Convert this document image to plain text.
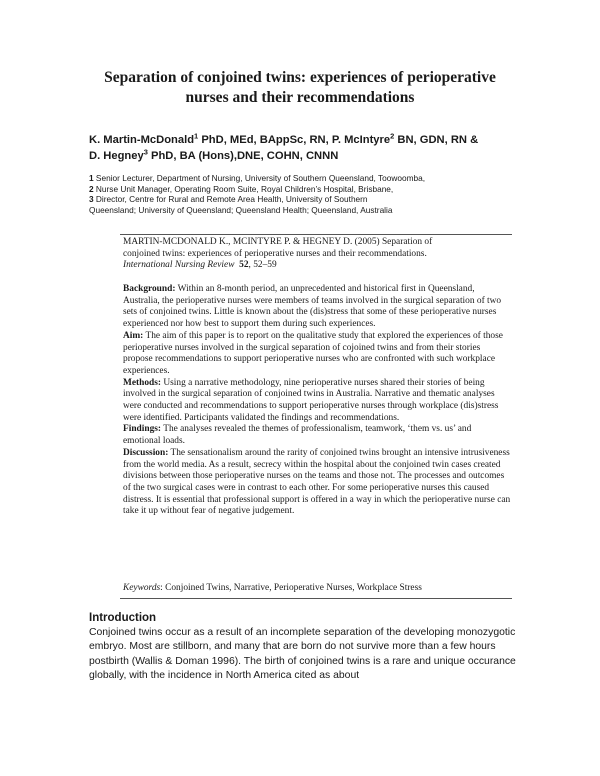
Separation of conjoined twins: experiences of perioperative
nurses and their recommendations
K. Martin-McDonald$^1$ PhD, MEd, BAppSc, RN, P. McIntyre$^2$ BN, GDN, RN &
D. Hegney$^3$ PhD, BA (Hons),DNE, COHN, CNNN
1 Senior Lecturer, Department of Nursing, University of Southern Queensland, Toowoomba,
2 Nurse Unit Manager, Operating Room Suite, Royal Children’s Hospital, Brisbane,
3 Director, Centre for Rural and Remote Area Health, University of Southern
Queensland; University of Queensland; Queensland Health; Queensland, Australia
MARTIN-MCDONALD K., MCINTYRE P. & HEGNEY D. (2005) Separation of
conjoined twins: experiences of perioperative nurses and their recommendations.
International Nursing Review 52, 52–59

Background: Within an 8-month period, an unprecedented and historical first in Queensland, Australia, the perioperative nurses were members of teams involved in the surgical separation of two sets of conjoined twins. Little is known about the (dis)stress that some of these perioperative nurses experienced nor how best to support them during such experiences.

Aim: The aim of this paper is to report on the qualitative study that explored the experiences of those perioperative nurses involved in the surgical separation of cojoined twins and from their stories propose recommendations to support perioperative nurses who are confronted with such workplace experiences.

Methods: Using a narrative methodology, nine perioperative nurses shared their stories of being involved in the surgical separation of conjoined twins in Australia. Narrative and thematic analyses were conducted and recommendations to support perioperative nurses through workplace (dis)stress were identified. Participants validated the findings and recommendations.

Findings: The analyses revealed the themes of professionalism, teamwork, ‘them vs. us’ and emotional loads.

Discussion: The sensationalism around the rarity of conjoined twins brought an intensive intrusiveness from the world media. As a result, secrecy within the hospital about the conjoined twin cases created divisions between those perioperative nurses on the teams and those not. The processes and outcomes of the two surgical cases were in contrast to each other. For some perioperative nurses this caused distress. It is essential that professional support is offered in a way in which the perioperative nurse can take it up without fear of negative judgement.

Keywords: Conjoined Twins, Narrative, Perioperative Nurses, Workplace Stress
Introduction
Conjoined twins occur as a result of an incomplete separation of the developing monozygotic embryo. Most are stillborn, and many that are born do not survive more than a few hours postbirth (Wallis & Doman 1996). The birth of conjoined twins is a rare and unique occurance globally, with the incidence in North America cited as about
